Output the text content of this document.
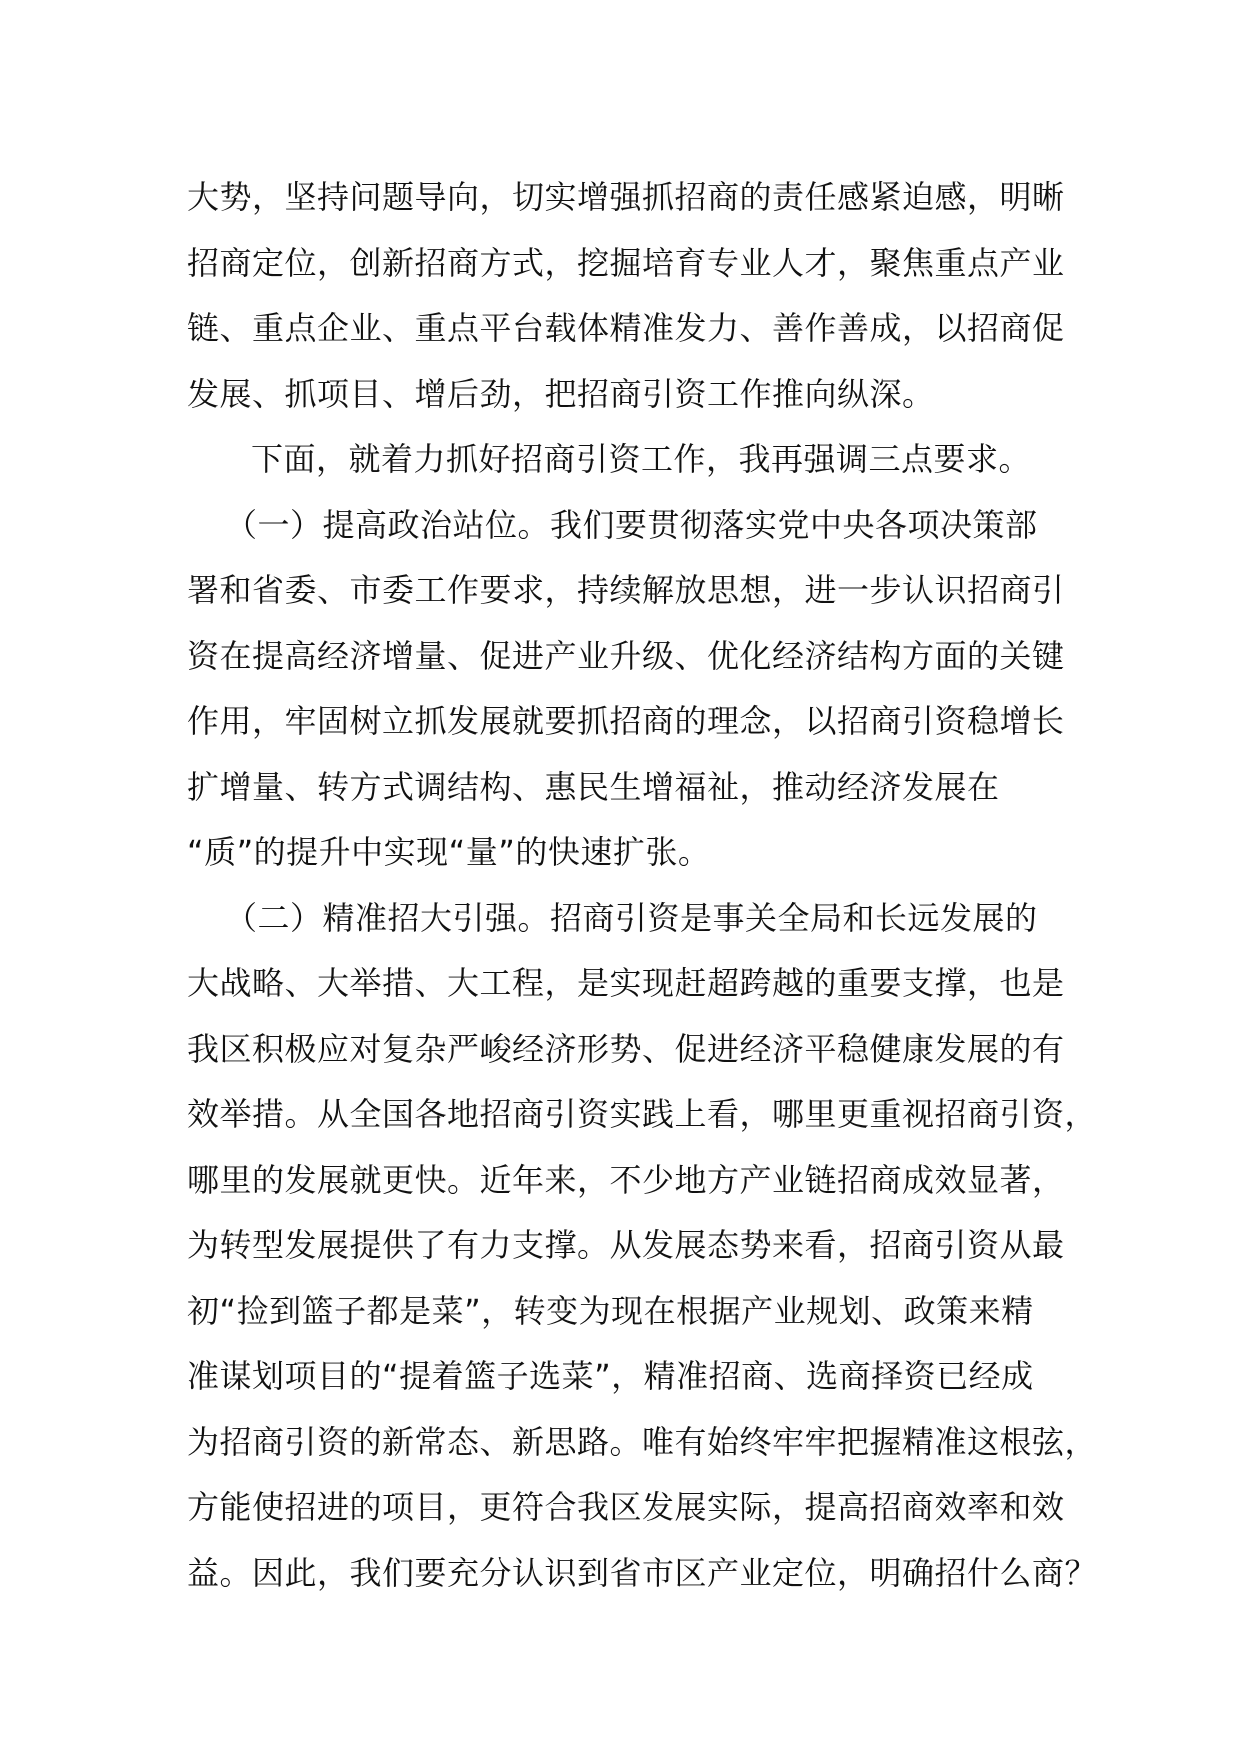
大势，坚持问题导向，切实增强抓招商的责任感紧迫感，明晰
招商定位，创新招商方式，挖掘培育专业人才，聚焦重点产业
链、重点企业、重点平台载体精准发力、善作善成，以招商促
发展、抓项目、增后劲，把招商引资工作推向纵深。
下面，就着力抓好招商引资工作，我再强调三点要求。
（一）提高政治站位。我们要贯彻落实党中央各项决策部
署和省委、市委工作要求，持续解放思想，进一步认识招商引
资在提高经济增量、促进产业升级、优化经济结构方面的关键
作用，牢固树立抓发展就要抓招商的理念，以招商引资稳增长
扩增量、转方式调结构、惠民生增福祉，推动经济发展在
“质”的提升中实现“量”的快速扩张。
（二）精准招大引强。招商引资是事关全局和长远发展的
大战略、大举措、大工程，是实现赶超跨越的重要支撑，也是
我区积极应对复杂严峻经济形势、促进经济平稳健康发展的有
效举措。从全国各地招商引资实践上看，哪里更重视招商引资，
哪里的发展就更快。近年来，不少地方产业链招商成效显著，
为转型发展提供了有力支撑。从发展态势来看，招商引资从最
初“捡到篮子都是菜”，转变为现在根据产业规划、政策来精
准谋划项目的“提着篮子选菜”，精准招商、选商择资已经成
为招商引资的新常态、新思路。唯有始终牢牢把握精准这根弦，
方能使招进的项目，更符合我区发展实际，提高招商效率和效
益。因此，我们要充分认识到省市区产业定位，明确招什么商？
